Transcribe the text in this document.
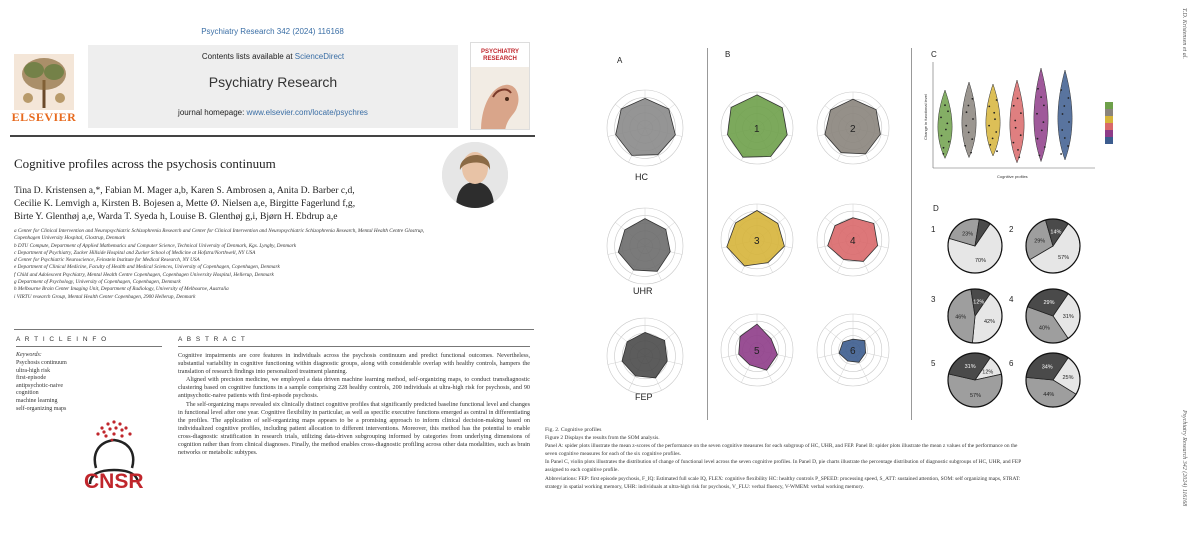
Psychiatry Research 342 (2024) 116168
ELSEVIER
Contents lists available at ScienceDirect
Psychiatry Research
journal homepage: www.elsevier.com/locate/psychres
PSYCHIATRY RESEARCH
Cognitive profiles across the psychosis continuum
Tina D. Kristensen a,*, Fabian M. Mager a,b, Karen S. Ambrosen a, Anita D. Barber c,d,
Cecilie K. Lemvigh a, Kirsten B. Bojesen a, Mette Ø. Nielsen a,e, Birgitte Fagerlund f,g,
Birte Y. Glenthøj a,e, Warda T. Syeda h, Louise B. Glenthøj g,i, Bjørn H. Ebdrup a,e

a Center for Clinical Intervention and Neuropsychiatric Schizophrenia Research and Center for Clinical Intervention and Neuropsychiatric Schizophrenia Research, Mental Health Centre Glostrup,

Copenhagen University Hospital, Glostrup, Denmark

b DTU Compute, Department of Applied Mathematics and Computer Science, Technical University of Denmark, Kgs. Lyngby, Denmark

c Department of Psychiatry, Zucker Hillside Hospital and Zucker School of Medicine at Hofstra/Northwell, NY USA

d Center for Psychiatric Neuroscience, Feinstein Institute for Medical Research, NY USA

e Department of Clinical Medicine, Faculty of Health and Medical Sciences, University of Copenhagen, Copenhagen, Denmark

f Child and Adolescent Psychiatry, Mental Health Centre Copenhagen, Copenhagen University Hospital, Hellerup, Denmark

g Department of Psychology, University of Copenhagen, Copenhagen, Denmark

h Melbourne Brain Center Imaging Unit, Department of Radiology, University of Melbourne, Australia

i VIRTU research Group, Mental Health Center Copenhagen, 2900 Hellerup, Denmark

A R T I C L E I N F O
Keywords:
Psychosis continuum
ultra-high risk
first-episode
antipsychotic-naive
cognition
machine learning
self-organizing maps
A B S T R A C T

Cognitive impairments are core features in individuals across the psychosis continuum and predict functional outcomes. Nevertheless, substantial variability in cognitive functioning within diagnostic groups, along with considerable overlap with healthy controls, hampers the translation of research findings into personalized treatment planning.

Aligned with precision medicine, we employed a data driven machine learning method, self-organizing maps, to conduct transdiagnostic clustering based on cognitive functions in a sample comprising 228 healthy controls, 200 individuals at ultra-high risk for psychosis, and 90 antipsychotic-naive patients with first-episode psychosis.

The self-organizing maps revealed six clinically distinct cognitive profiles that significantly predicted baseline functional level and changes in functional level after one year. Cognitive flexibility in particular, as well as specific executive functions emerged as central in differentiating the profiles. The application of self-organizing maps appears to be a promising approach to inform clinical decision-making based on individualized cognitive profiles, including patient allocation to different interventions. Moreover, this method has the potential to enable cross-diagnostic stratification in research trials, utilizing data-driven subgrouping informed by categories from underlying dimensions of cognition rather than from clinical diagnoses. Finally, the method enables cross-diagnostic profiling across other data modalities, such as brain networks or metabolic subtypes.

CNSR
A
B	C
D
1	2
3	4
5	6
Cognitive profiles
Change in functional level
70%
23%
1
57%
29%
14%
2
42%
46%
12%
3
31%
40%
29%
4
12%
57%
31%
5
25%
44%
34%
6
HC
UHR
FEP
Fig. 2. Cognitive profiles
Figure 2 Displays the results from the SOM analysis.
Panel A: spider plots illustrate the mean z-scores of the performance on the seven cognitive measures for each subgroup of HC, UHR, and FEP. Panel B: spider plots illustrate the mean z values of the performance on the
seven cognitive measures for each of the six cognitive profiles.
In Panel C, violin plots illustrates the distribution of change of functional level across the seven cognitive profiles. In Panel D, pie charts illustrate the percentage distribution of diagnostic subgroups of HC, UHR, and FEP
assigned to each cognitive profile.
Abbreviations: FEP: first episode psychosis, F_IQ: Estimated full scale IQ, FLEX: cognitive flexibility HC: healthy controls P_SPEED: processing speed, S_ATT: sustained attention, SOM: self organizing maps, STRAT:
strategy in spatial working memory, UHR: individuals at ultra-high risk for psychosis, V_FLU: verbal fluency, V-WMEM: verbal working memory.
T.D. Kristensen et al.
Psychiatry Research 342 (2024) 116168
